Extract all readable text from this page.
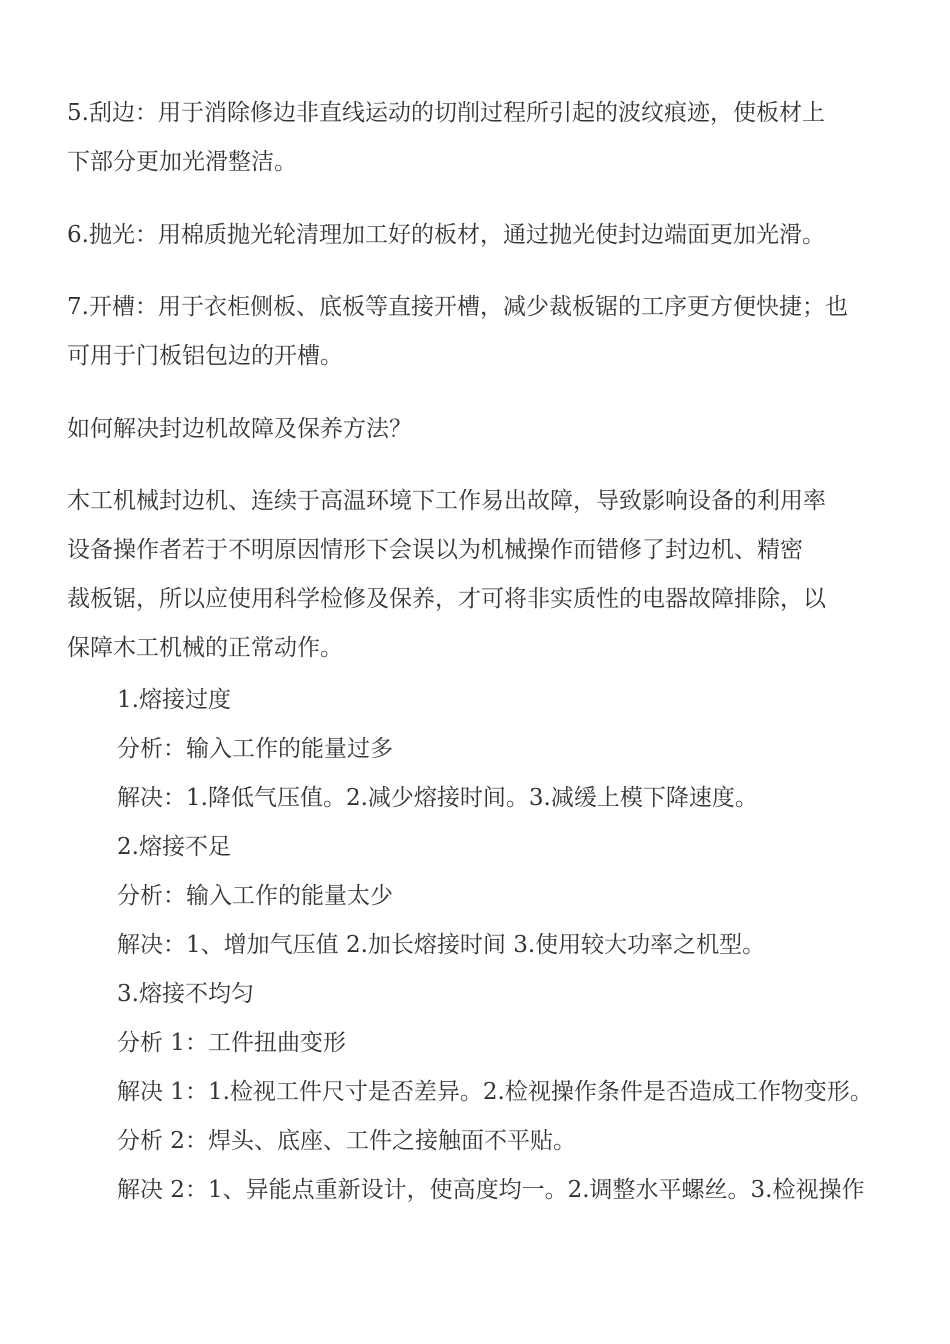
5.刮边：用于消除修边非直线运动的切削过程所引起的波纹痕迹，使板材上
下部分更加光滑整洁。
6.抛光：用棉质抛光轮清理加工好的板材，通过抛光使封边端面更加光滑。
7.开槽：用于衣柜侧板、底板等直接开槽，减少裁板锯的工序更方便快捷；也
可用于门板铝包边的开槽。
如何解决封边机故障及保养方法？
木工机械封边机、连续于高温环境下工作易出故障，导致影响设备的利用率
设备操作者若于不明原因情形下会误以为机械操作而错修了封边机、精密
裁板锯，所以应使用科学检修及保养，才可将非实质性的电器故障排除，以
保障木工机械的正常动作。
1.熔接过度
分析：输入工作的能量过多
解决：1.降低气压值。2.减少熔接时间。3.减缓上模下降速度。
2.熔接不足
分析：输入工作的能量太少
解决：1、增加气压值 2.加长熔接时间 3.使用较大功率之机型。
3.熔接不均匀
分析 1：工件扭曲变形
解决 1：1.检视工件尺寸是否差异。2.检视操作条件是否造成工作物变形。
分析 2：焊头、底座、工件之接触面不平贴。
解决 2：1、异能点重新设计，使高度均一。2.调整水平螺丝。3.检视操作
